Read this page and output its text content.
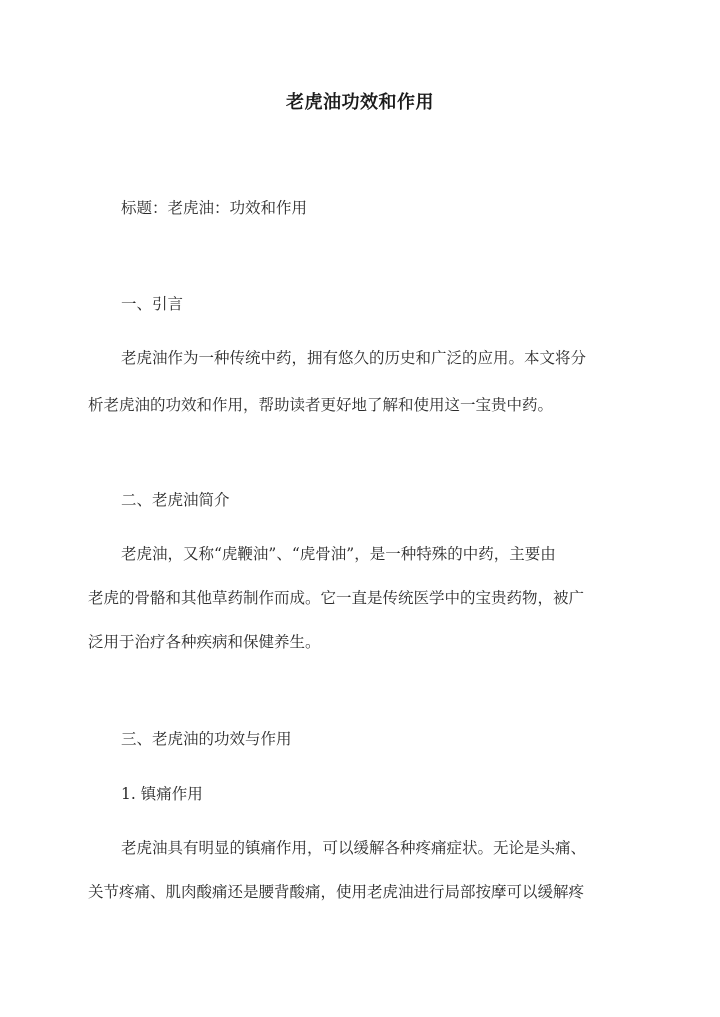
老虎油功效和作用
标题：老虎油：功效和作用
一、引言
老虎油作为一种传统中药，拥有悠久的历史和广泛的应用。本文将分
析老虎油的功效和作用，帮助读者更好地了解和使用这一宝贵中药。
二、老虎油简介
老虎油，又称“虎鞭油”、“虎骨油”，是一种特殊的中药，主要由
老虎的骨骼和其他草药制作而成。它一直是传统医学中的宝贵药物，被广
泛用于治疗各种疾病和保健养生。
三、老虎油的功效与作用
1. 镇痛作用
老虎油具有明显的镇痛作用，可以缓解各种疼痛症状。无论是头痛、
关节疼痛、肌肉酸痛还是腰背酸痛，使用老虎油进行局部按摩可以缓解疼
